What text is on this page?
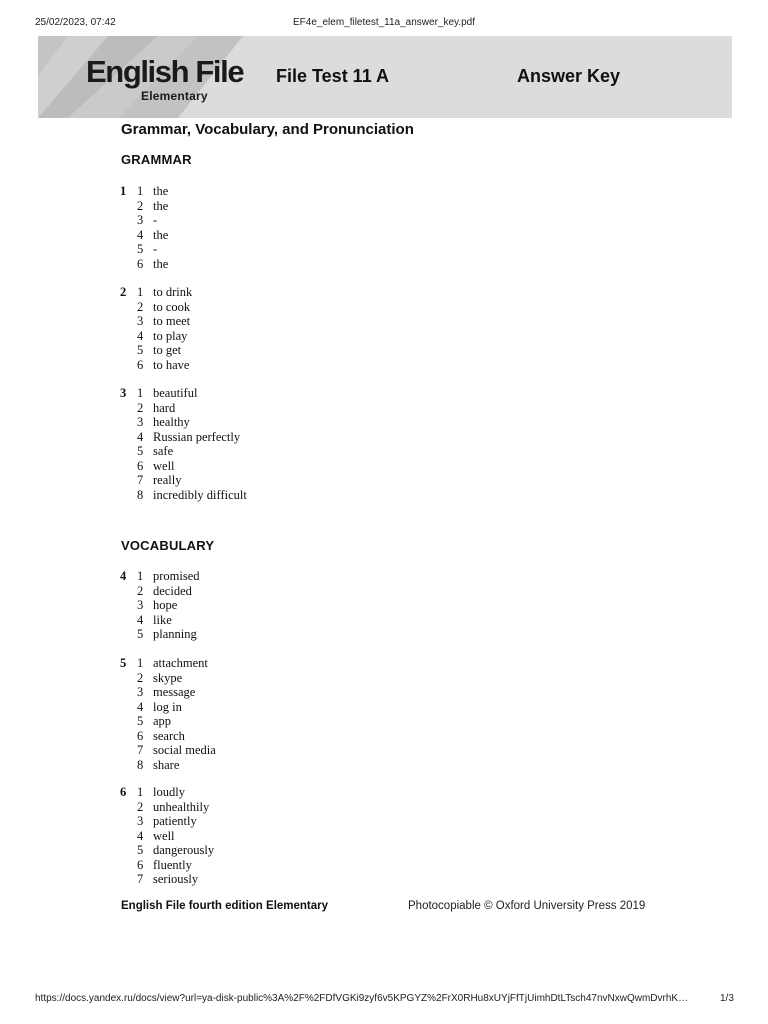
25/02/2023, 07:42	EF4e_elem_filetest_11a_answer_key.pdf
English File
Elementary
File Test 11 A	Answer Key
Grammar, Vocabulary, and Pronunciation
GRAMMAR
1 1 the
2 the
3 -
4 the
5 -
6 the
2 1 to drink
2 to cook
3 to meet
4 to play
5 to get
6 to have
3 1 beautiful
2 hard
3 healthy
4 Russian perfectly
5 safe
6 well
7 really
8 incredibly difficult
VOCABULARY
4 1 promised
2 decided
3 hope
4 like
5 planning
5 1 attachment
2 skype
3 message
4 log in
5 app
6 search
7 social media
8 share
6 1 loudly
2 unhealthily
3 patiently
4 well
5 dangerously
6 fluently
7 seriously
English File fourth edition Elementary	Photocopiable © Oxford University Press 2019
https://docs.yandex.ru/docs/view?url=ya-disk-public%3A%2F%2FDfVGKi9zyf6v5KPGYZ%2FrX0RHu8xUYjFfTjUimhDtLTsch47nvNxwQwmDvrhK…	1/3
